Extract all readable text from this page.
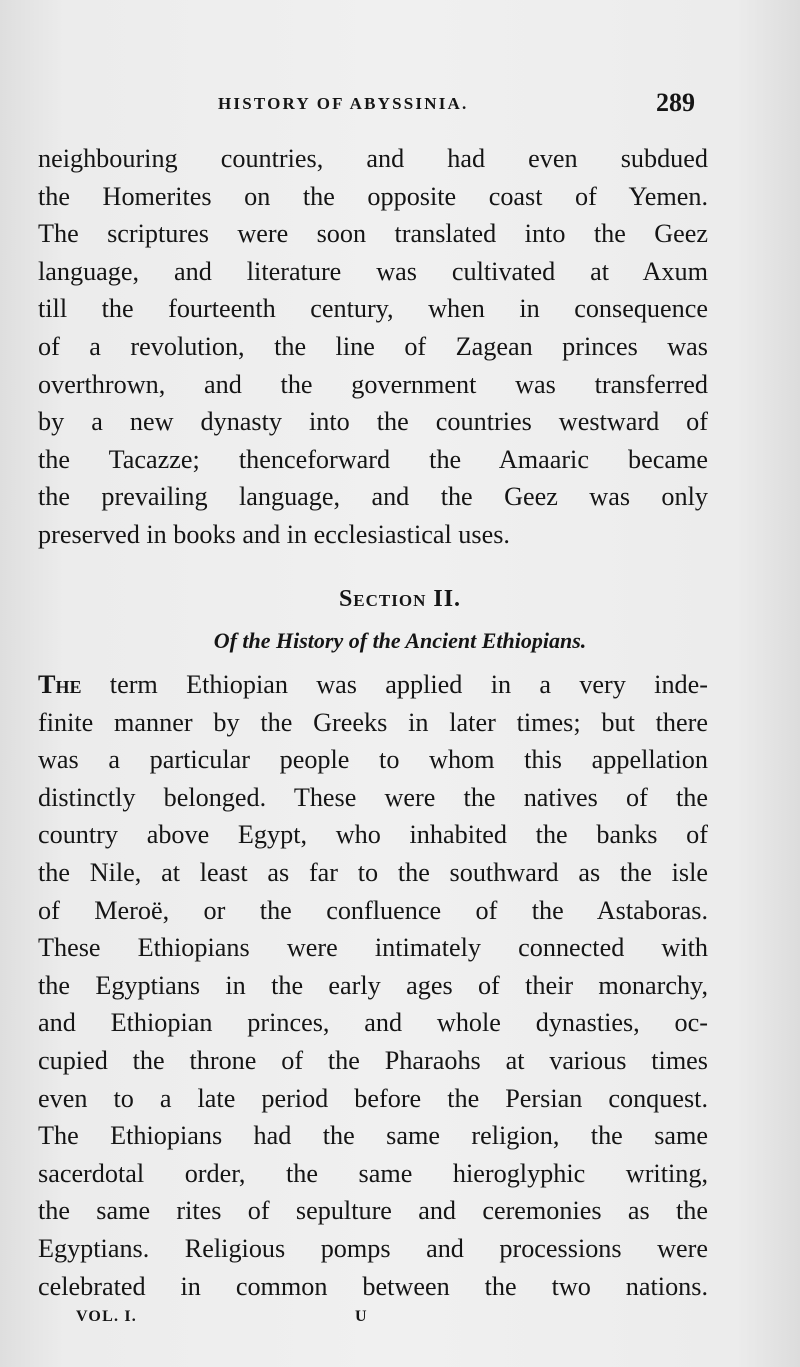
HISTORY OF ABYSSINIA.	289
neighbouring countries, and had even subdued
the Homerites on the opposite coast of Yemen.
The scriptures were soon translated into the Geez
language, and literature was cultivated at Axum
till the fourteenth century, when in consequence
of a revolution, the line of Zagean princes was
overthrown, and the government was transferred
by a new dynasty into the countries westward of
the Tacazze; thenceforward the Amaaric became
the prevailing language, and the Geez was only
preserved in books and in ecclesiastical uses.
Section II.
Of the History of the Ancient Ethiopians.
The term Ethiopian was applied in a very inde-
finite manner by the Greeks in later times; but there
was a particular people to whom this appellation
distinctly belonged. These were the natives of the
country above Egypt, who inhabited the banks of
the Nile, at least as far to the southward as the isle
of Meroë, or the confluence of the Astaboras.
These Ethiopians were intimately connected with
the Egyptians in the early ages of their monarchy,
and Ethiopian princes, and whole dynasties, oc-
cupied the throne of the Pharaohs at various times
even to a late period before the Persian conquest.
The Ethiopians had the same religion, the same
sacerdotal order, the same hieroglyphic writing,
the same rites of sepulture and ceremonies as the
Egyptians. Religious pomps and processions were
celebrated in common between the two nations.
VOL. I.	U
